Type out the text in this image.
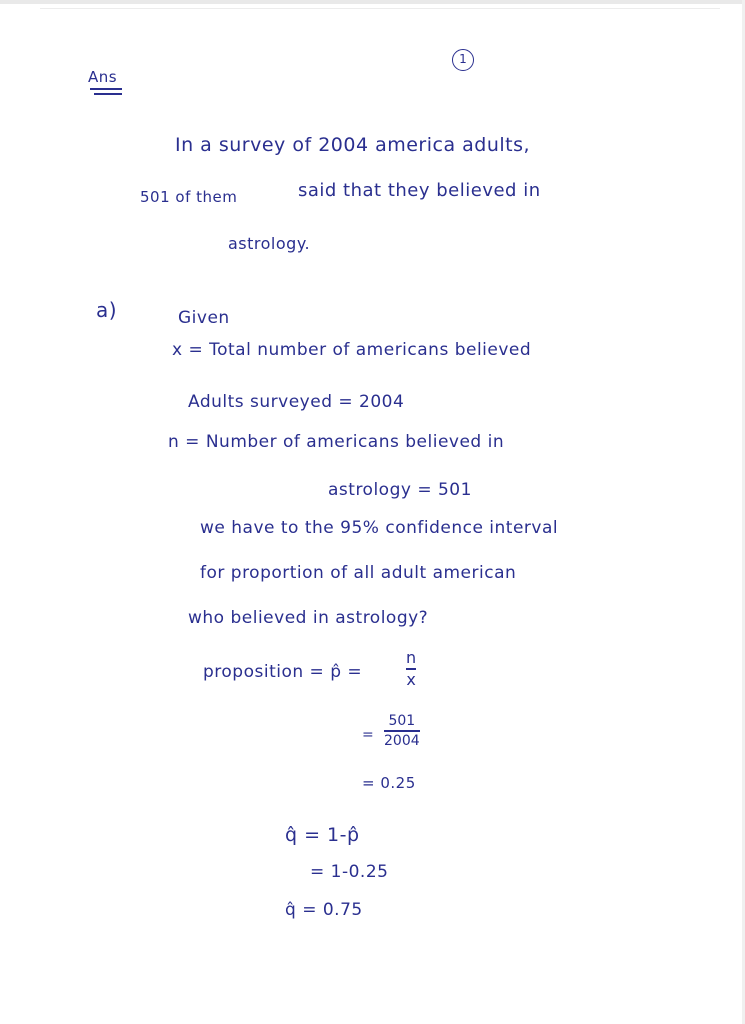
1
Ans
In a survey of 2004 america adults,
501 of them	said that they believed in
astrology.
a)	Given
x = Total number of americans believed
Adults surveyed = 2004
n = Number of americans believed in
astrology = 501
we have to the 95% confidence interval
for proportion of all adult american
who believed in astrology?
proposition = p̂ =
n
x
=
501
2004
= 0.25
q̂ = 1-p̂
= 1-0.25
q̂ = 0.75
